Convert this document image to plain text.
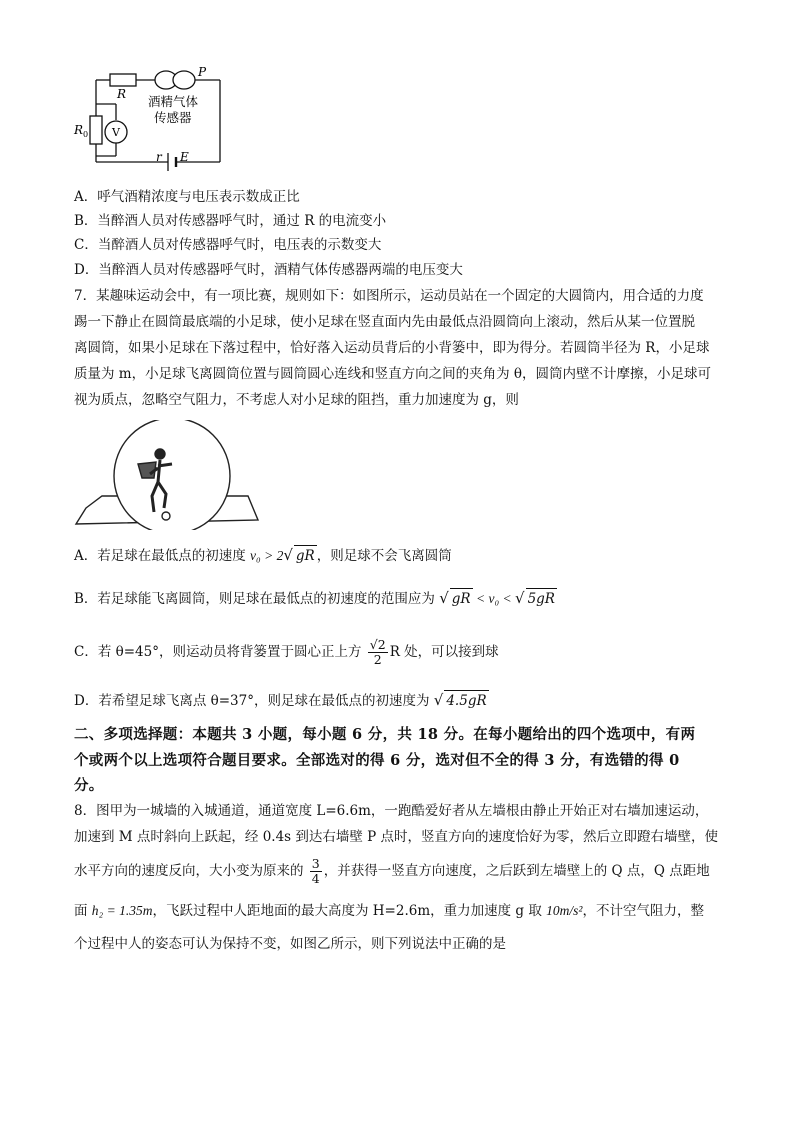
R
P
V
$R_0$
r E
酒精气体
传感器
A．呼气酒精浓度与电压表示数成正比
B．当醉酒人员对传感器呼气时，通过 R 的电流变小
C．当醉酒人员对传感器呼气时，电压表的示数变大
D．当醉酒人员对传感器呼气时，酒精气体传感器两端的电压变大
7．某趣味运动会中，有一项比赛，规则如下：如图所示，运动员站在一个固定的大圆筒内，用合适的力度
踢一下静止在圆筒最底端的小足球，使小足球在竖直面内先由最低点沿圆筒向上滚动，然后从某一位置脱
离圆筒，如果小足球在下落过程中，恰好落入运动员背后的小背篓中，即为得分。若圆筒半径为 R，小足球
质量为 m，小足球飞离圆筒位置与圆筒圆心连线和竖直方向之间的夹角为 θ，圆筒内壁不计摩擦，小足球可
视为质点，忽略空气阻力，不考虑人对小足球的阻挡，重力加速度为 g，则
A．若足球在最低点的初速度 v₀ > 2√ gR ，则足球不会飞离圆筒
B．若足球能飞离圆筒，则足球在最低点的初速度的范围应为 √ gR < v₀ < √ 5gR
C．若 θ=45°，则运动员将背篓置于圆心正上方 $\frac{√2}{2}$ R 处，可以接到球
D．若希望足球飞离点 θ=37°，则足球在最低点的初速度为 √ 4.5gR
二、多项选择题：本题共 3 小题，每小题 6 分，共 18 分。在每小题给出的四个选项中，有两
个或两个以上选项符合题目要求。全部选对的得 6 分，选对但不全的得 3 分，有选错的得 0
分。
8．图甲为一城墙的入城通道，通道宽度 L=6.6m，一跑酷爱好者从左墙根由静止开始正对右墙加速运动，
加速到 M 点时斜向上跃起，经 0.4s 到达右墙壁 P 点时，竖直方向的速度恰好为零，然后立即蹬右墙壁，使
水平方向的速度反向，大小变为原来的 $\frac{3}{4}$ ，并获得一竖直方向速度，之后跃到左墙壁上的 Q 点，Q 点距地
面 h₂ = 1.35m，飞跃过程中人距地面的最大高度为 H=2.6m，重力加速度 g 取 10m/s²，不计空气阻力，整
个过程中人的姿态可认为保持不变，如图乙所示，则下列说法中正确的是
